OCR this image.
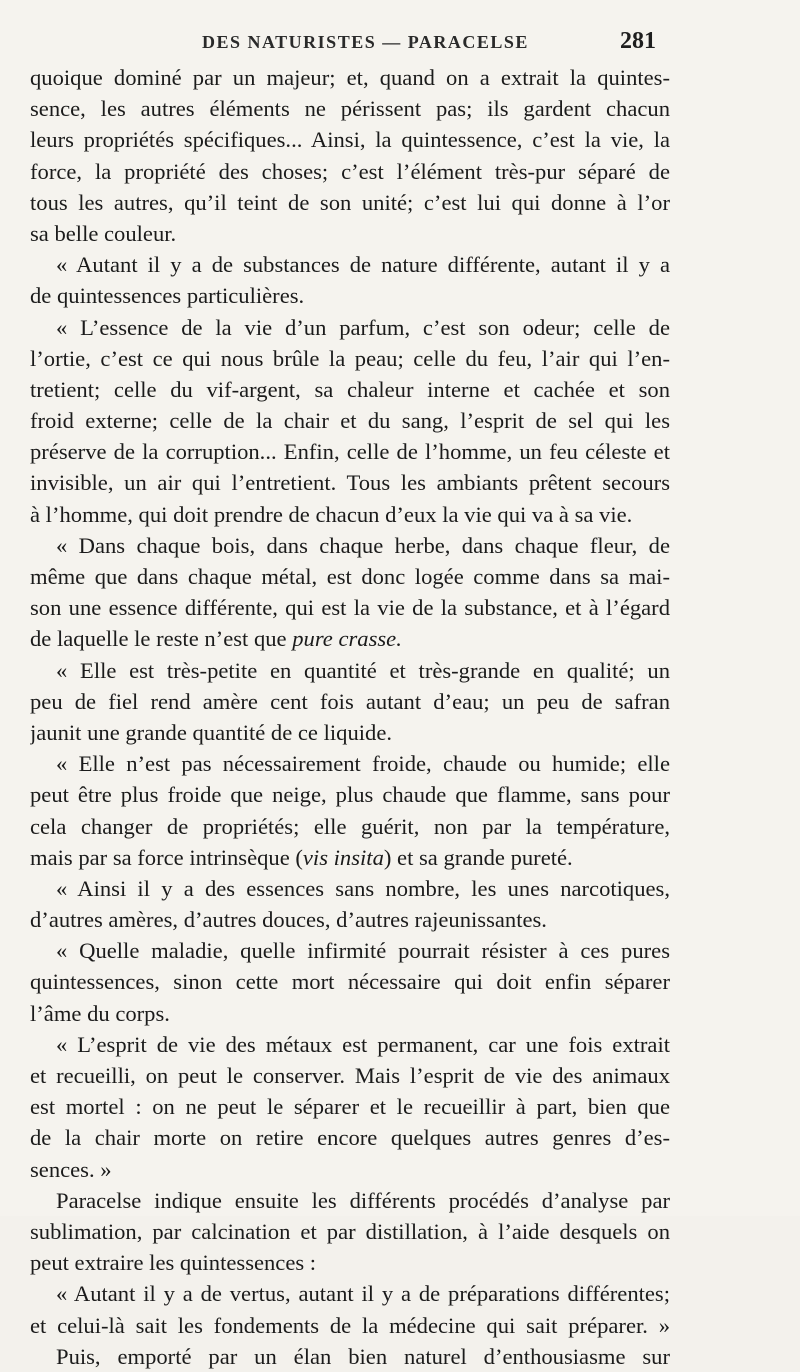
DES NATURISTES — PARACELSE	281
quoique dominé par un majeur; et, quand on a extrait la quintes-
sence, les autres éléments ne périssent pas; ils gardent chacun
leurs propriétés spécifiques... Ainsi, la quintessence, c’est la vie, la
force, la propriété des choses; c’est l’élément très-pur séparé de
tous les autres, qu’il teint de son unité; c’est lui qui donne à l’or
sa belle couleur.
« Autant il y a de substances de nature différente, autant il y a
de quintessences particulières.
« L’essence de la vie d’un parfum, c’est son odeur; celle de
l’ortie, c’est ce qui nous brûle la peau; celle du feu, l’air qui l’en-
tretient; celle du vif-argent, sa chaleur interne et cachée et son
froid externe; celle de la chair et du sang, l’esprit de sel qui les
préserve de la corruption... Enfin, celle de l’homme, un feu céleste et
invisible, un air qui l’entretient. Tous les ambiants prêtent secours
à l’homme, qui doit prendre de chacun d’eux la vie qui va à sa vie.
« Dans chaque bois, dans chaque herbe, dans chaque fleur, de
même que dans chaque métal, est donc logée comme dans sa mai-
son une essence différente, qui est la vie de la substance, et à l’égard
de laquelle le reste n’est que pure crasse.
« Elle est très-petite en quantité et très-grande en qualité; un
peu de fiel rend amère cent fois autant d’eau; un peu de safran
jaunit une grande quantité de ce liquide.
« Elle n’est pas nécessairement froide, chaude ou humide; elle
peut être plus froide que neige, plus chaude que flamme, sans pour
cela changer de propriétés; elle guérit, non par la température,
mais par sa force intrinsèque (vis insita) et sa grande pureté.
« Ainsi il y a des essences sans nombre, les unes narcotiques,
d’autres amères, d’autres douces, d’autres rajeunissantes.
« Quelle maladie, quelle infirmité pourrait résister à ces pures
quintessences, sinon cette mort nécessaire qui doit enfin séparer
l’âme du corps.
« L’esprit de vie des métaux est permanent, car une fois extrait
et recueilli, on peut le conserver. Mais l’esprit de vie des animaux
est mortel : on ne peut le séparer et le recueillir à part, bien que
de la chair morte on retire encore quelques autres genres d’es-
sences. »
Paracelse indique ensuite les différents procédés d’analyse par
sublimation, par calcination et par distillation, à l’aide desquels on
peut extraire les quintessences :
« Autant il y a de vertus, autant il y a de préparations différentes;
et celui-là sait les fondements de la médecine qui sait préparer. »
Puis, emporté par un élan bien naturel d’enthousiasme sur
